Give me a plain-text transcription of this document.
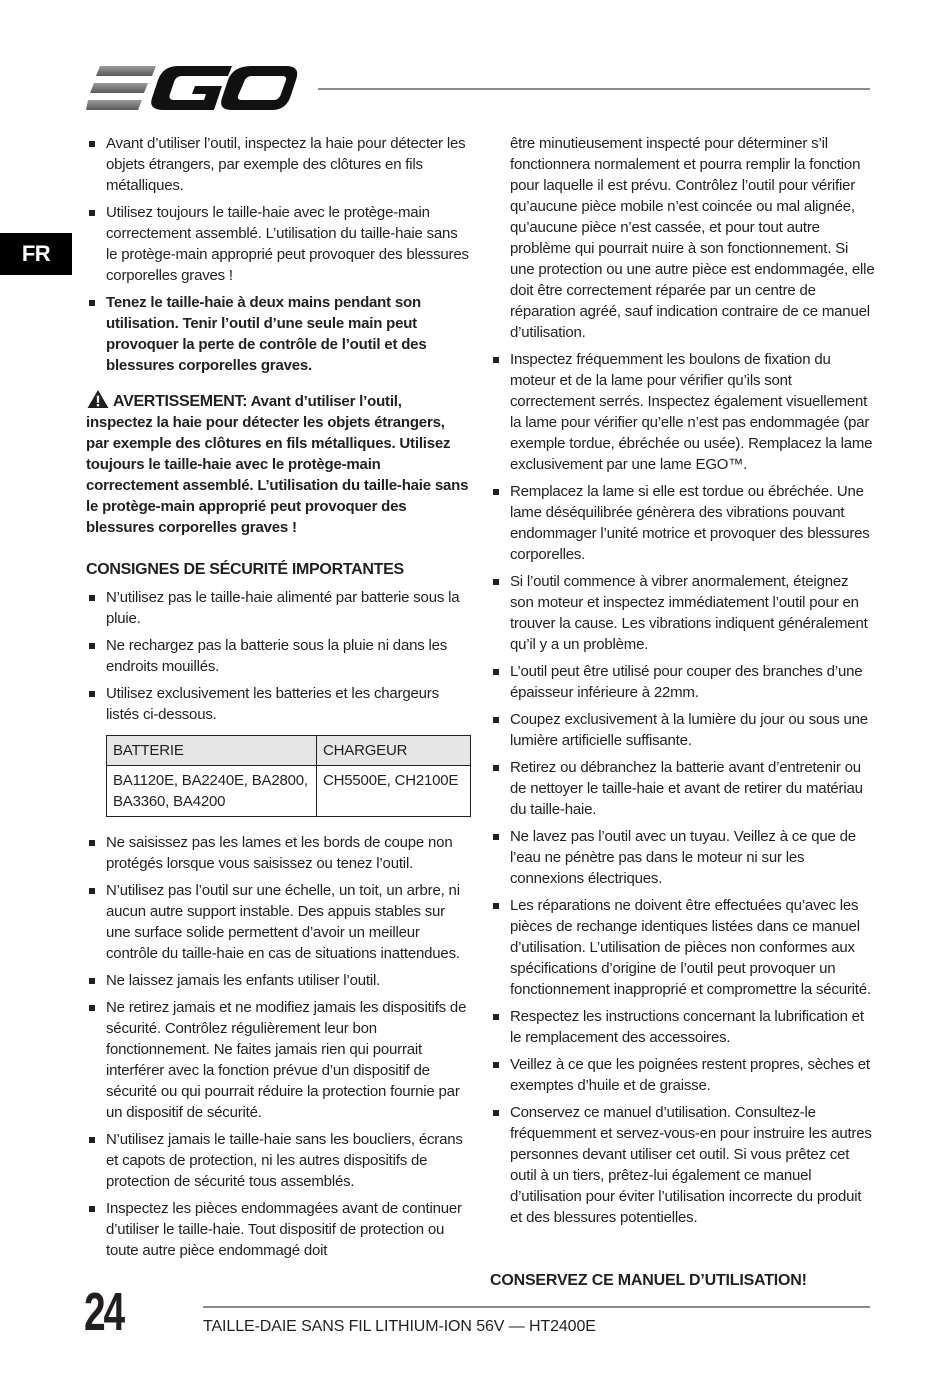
FR
Avant d’utiliser l’outil, inspectez la haie pour détecter les objets étrangers, par exemple des clôtures en fils métalliques.
Utilisez toujours le taille-haie avec le protège-main correctement assemblé. L’utilisation du taille-haie sans le protège-main approprié peut provoquer des blessures corporelles graves !
Tenez le taille-haie à deux mains pendant son utilisation. Tenir l’outil d’une seule main peut provoquer la perte de contrôle de l’outil et des blessures corporelles graves.

AVERTISSEMENT: Avant d’utiliser l’outil, inspectez la haie pour détecter les objets étrangers, par exemple des clôtures en fils métalliques. Utilisez toujours le taille-haie avec le protège-main correctement assemblé. L’utilisation du taille-haie sans le protège-main approprié peut provoquer des blessures corporelles graves !

CONSIGNES DE SÉCURITÉ IMPORTANTES
N’utilisez pas le taille-haie alimenté par batterie sous la pluie.
Ne rechargez pas la batterie sous la pluie ni dans les endroits mouillés.
Utilisez exclusivement les batteries et les chargeurs listés ci-dessous.
BATTERIE	CHARGEUR
BA1120E, BA2240E, BA2800, BA3360, BA4200	CH5500E, CH2100E
Ne saisissez pas les lames et les bords de coupe non protégés lorsque vous saisissez ou tenez l’outil.
N’utilisez pas l’outil sur une échelle, un toit, un arbre, ni aucun autre support instable. Des appuis stables sur une surface solide permettent d’avoir un meilleur contrôle du taille-haie en cas de situations inattendues.
Ne laissez jamais les enfants utiliser l’outil.
Ne retirez jamais et ne modifiez jamais les dispositifs de sécurité. Contrôlez régulièrement leur bon fonctionnement. Ne faites jamais rien qui pourrait interférer avec la fonction prévue d’un dispositif de sécurité ou qui pourrait réduire la protection fournie par un dispositif de sécurité.
N’utilisez jamais le taille-haie sans les boucliers, écrans et capots de protection, ni les autres dispositifs de protection de sécurité tous assemblés.
Inspectez les pièces endommagées avant de continuer d’utiliser le taille-haie. Tout dispositif de protection ou toute autre pièce endommagé doit

être minutieusement inspecté pour déterminer s’il fonctionnera normalement et pourra remplir la fonction pour laquelle il est prévu. Contrôlez l’outil pour vérifier qu’aucune pièce mobile n’est coincée ou mal alignée, qu’aucune pièce n’est cassée, et pour tout autre problème qui pourrait nuire à son fonctionnement. Si une protection ou une autre pièce est endommagée, elle doit être correctement réparée par un centre de réparation agréé, sauf indication contraire de ce manuel d’utilisation.

Inspectez fréquemment les boulons de fixation du moteur et de la lame pour vérifier qu’ils sont correctement serrés. Inspectez également visuellement la lame pour vérifier qu’elle n’est pas endommagée (par exemple tordue, ébréchée ou usée). Remplacez la lame exclusivement par une lame EGO™.
Remplacez la lame si elle est tordue ou ébréchée. Une lame déséquilibrée génèrera des vibrations pouvant endommager l’unité motrice et provoquer des blessures corporelles.
Si l’outil commence à vibrer anormalement, éteignez son moteur et inspectez immédiatement l’outil pour en trouver la cause. Les vibrations indiquent généralement qu’il y a un problème.
L’outil peut être utilisé pour couper des branches d’une épaisseur inférieure à 22mm.
Coupez exclusivement à la lumière du jour ou sous une lumière artificielle suffisante.
Retirez ou débranchez la batterie avant d’entretenir ou de nettoyer le taille-haie et avant de retirer du matériau du taille-haie.
Ne lavez pas l’outil avec un tuyau. Veillez à ce que de l’eau ne pénètre pas dans le moteur ni sur les connexions électriques.
Les réparations ne doivent être effectuées qu’avec les pièces de rechange identiques listées dans ce manuel d’utilisation. L’utilisation de pièces non conformes aux spécifications d’origine de l’outil peut provoquer un fonctionnement inapproprié et compromettre la sécurité.
Respectez les instructions concernant la lubrification et le remplacement des accessoires.
Veillez à ce que les poignées restent propres, sèches et exemptes d’huile et de graisse.
Conservez ce manuel d’utilisation. Consultez-le fréquemment et servez-vous-en pour instruire les autres personnes devant utiliser cet outil. Si vous prêtez cet outil à un tiers, prêtez-lui également ce manuel d’utilisation pour éviter l’utilisation incorrecte du produit et des blessures potentielles.
CONSERVEZ CE MANUEL D’UTILISATION!
24	TAILLE-DAIE SANS FIL LITHIUM-ION 56V — HT2400E
